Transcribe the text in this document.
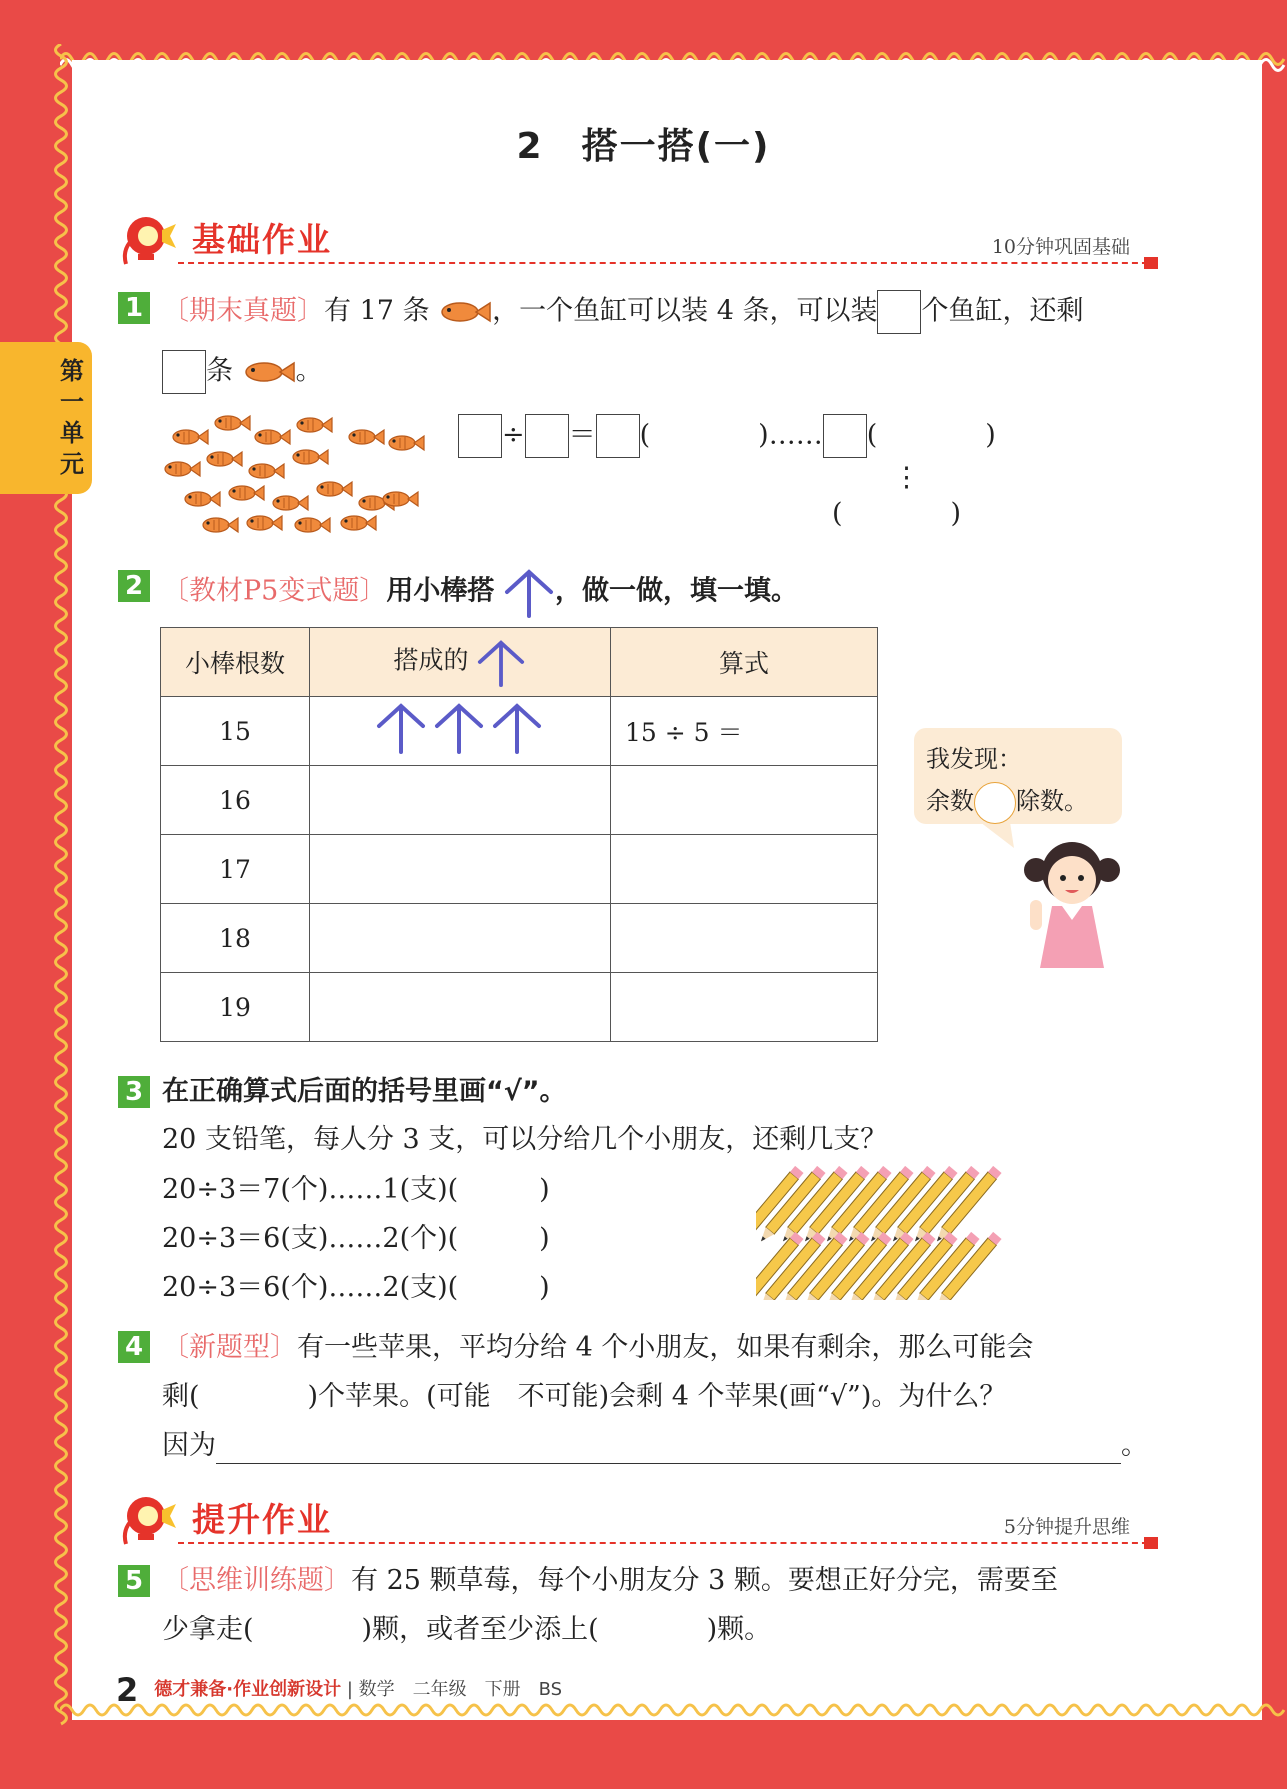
第一单元
2　搭一搭(一)
基础作业	10分钟巩固基础
1 〔期末真题〕有 17 条 ，一个鱼缸可以装 4 条，可以装 个鱼缸，还剩
条 。
÷ ＝ (　　　　)…… (　　　　)
⋮
(　　　　)
2 〔教材P5变式题〕用小棒搭 ，做一做，填一填。
小棒根数	搭成的	算式
15		15 ÷ 5 ＝
16		
17		
18		
19		
我发现：
余数 除数。
3 在正确算式后面的括号里画“√”。
20 支铅笔，每人分 3 支，可以分给几个小朋友，还剩几支？
20÷3＝7(个)……1(支)(　　　)
20÷3＝6(支)……2(个)(　　　)
20÷3＝6(个)……2(支)(　　　)
4 〔新题型〕有一些苹果，平均分给 4 个小朋友，如果有剩余，那么可能会
剩(　　　　)个苹果。(可能　不可能)会剩 4 个苹果(画“√”)。为什么？
因为	。
提升作业	5分钟提升思维
5 〔思维训练题〕有 25 颗草莓，每个小朋友分 3 颗。要想正好分完，需要至
少拿走(　　　　)颗，或者至少添上(　　　　)颗。
2 德才兼备·作业创新设计 | 数学　二年级　下册　BS
